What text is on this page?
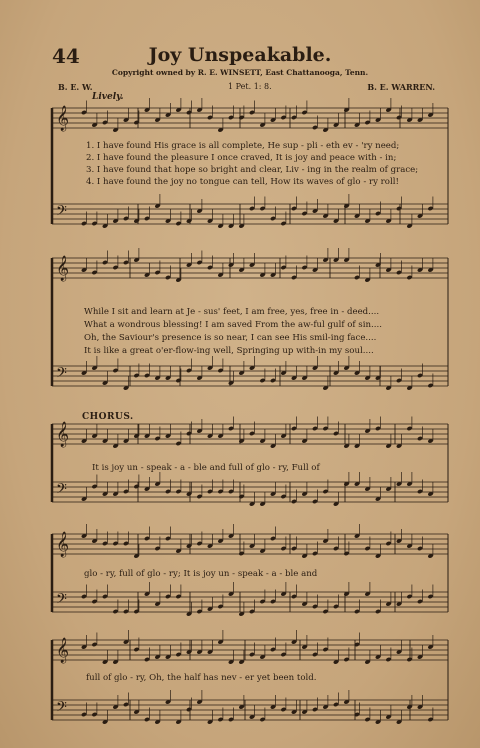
44	Joy Unspeakable.
Copyright owned by R. E. WINSETT, East Chattanooga, Tenn.
B. E. W.	1 Pet. 1: 8.	B. E. WARREN.
Lively.
𝄞
𝄢
𝄞
𝄢
𝄞
𝄢
𝄞
𝄢
𝄞
𝄢
1. I have found His grace is all complete, He sup - pli - eth ev - 'ry need;
2. I have found the pleasure I once craved, It is joy and peace with - in;
3. I have found that hope so bright and clear, Liv - ing in the realm of grace;
4. I have found the joy no tongue can tell, How its waves of glo - ry roll!
While I sit and learn at Je - sus' feet, I am free, yes, free in - deed....
What a wondrous blessing! I am saved From the aw-ful gulf of sin....
Oh, the Saviour's presence is so near, I can see His smil-ing face....
It is like a great o'er-flow-ing well, Springing up with-in my soul....
CHORUS.
It is joy un - speak - a - ble and full of glo - ry, Full of
glo - ry, full of glo - ry; It is joy un - speak - a - ble and
full of glo - ry, Oh, the half has nev - er yet been told.
